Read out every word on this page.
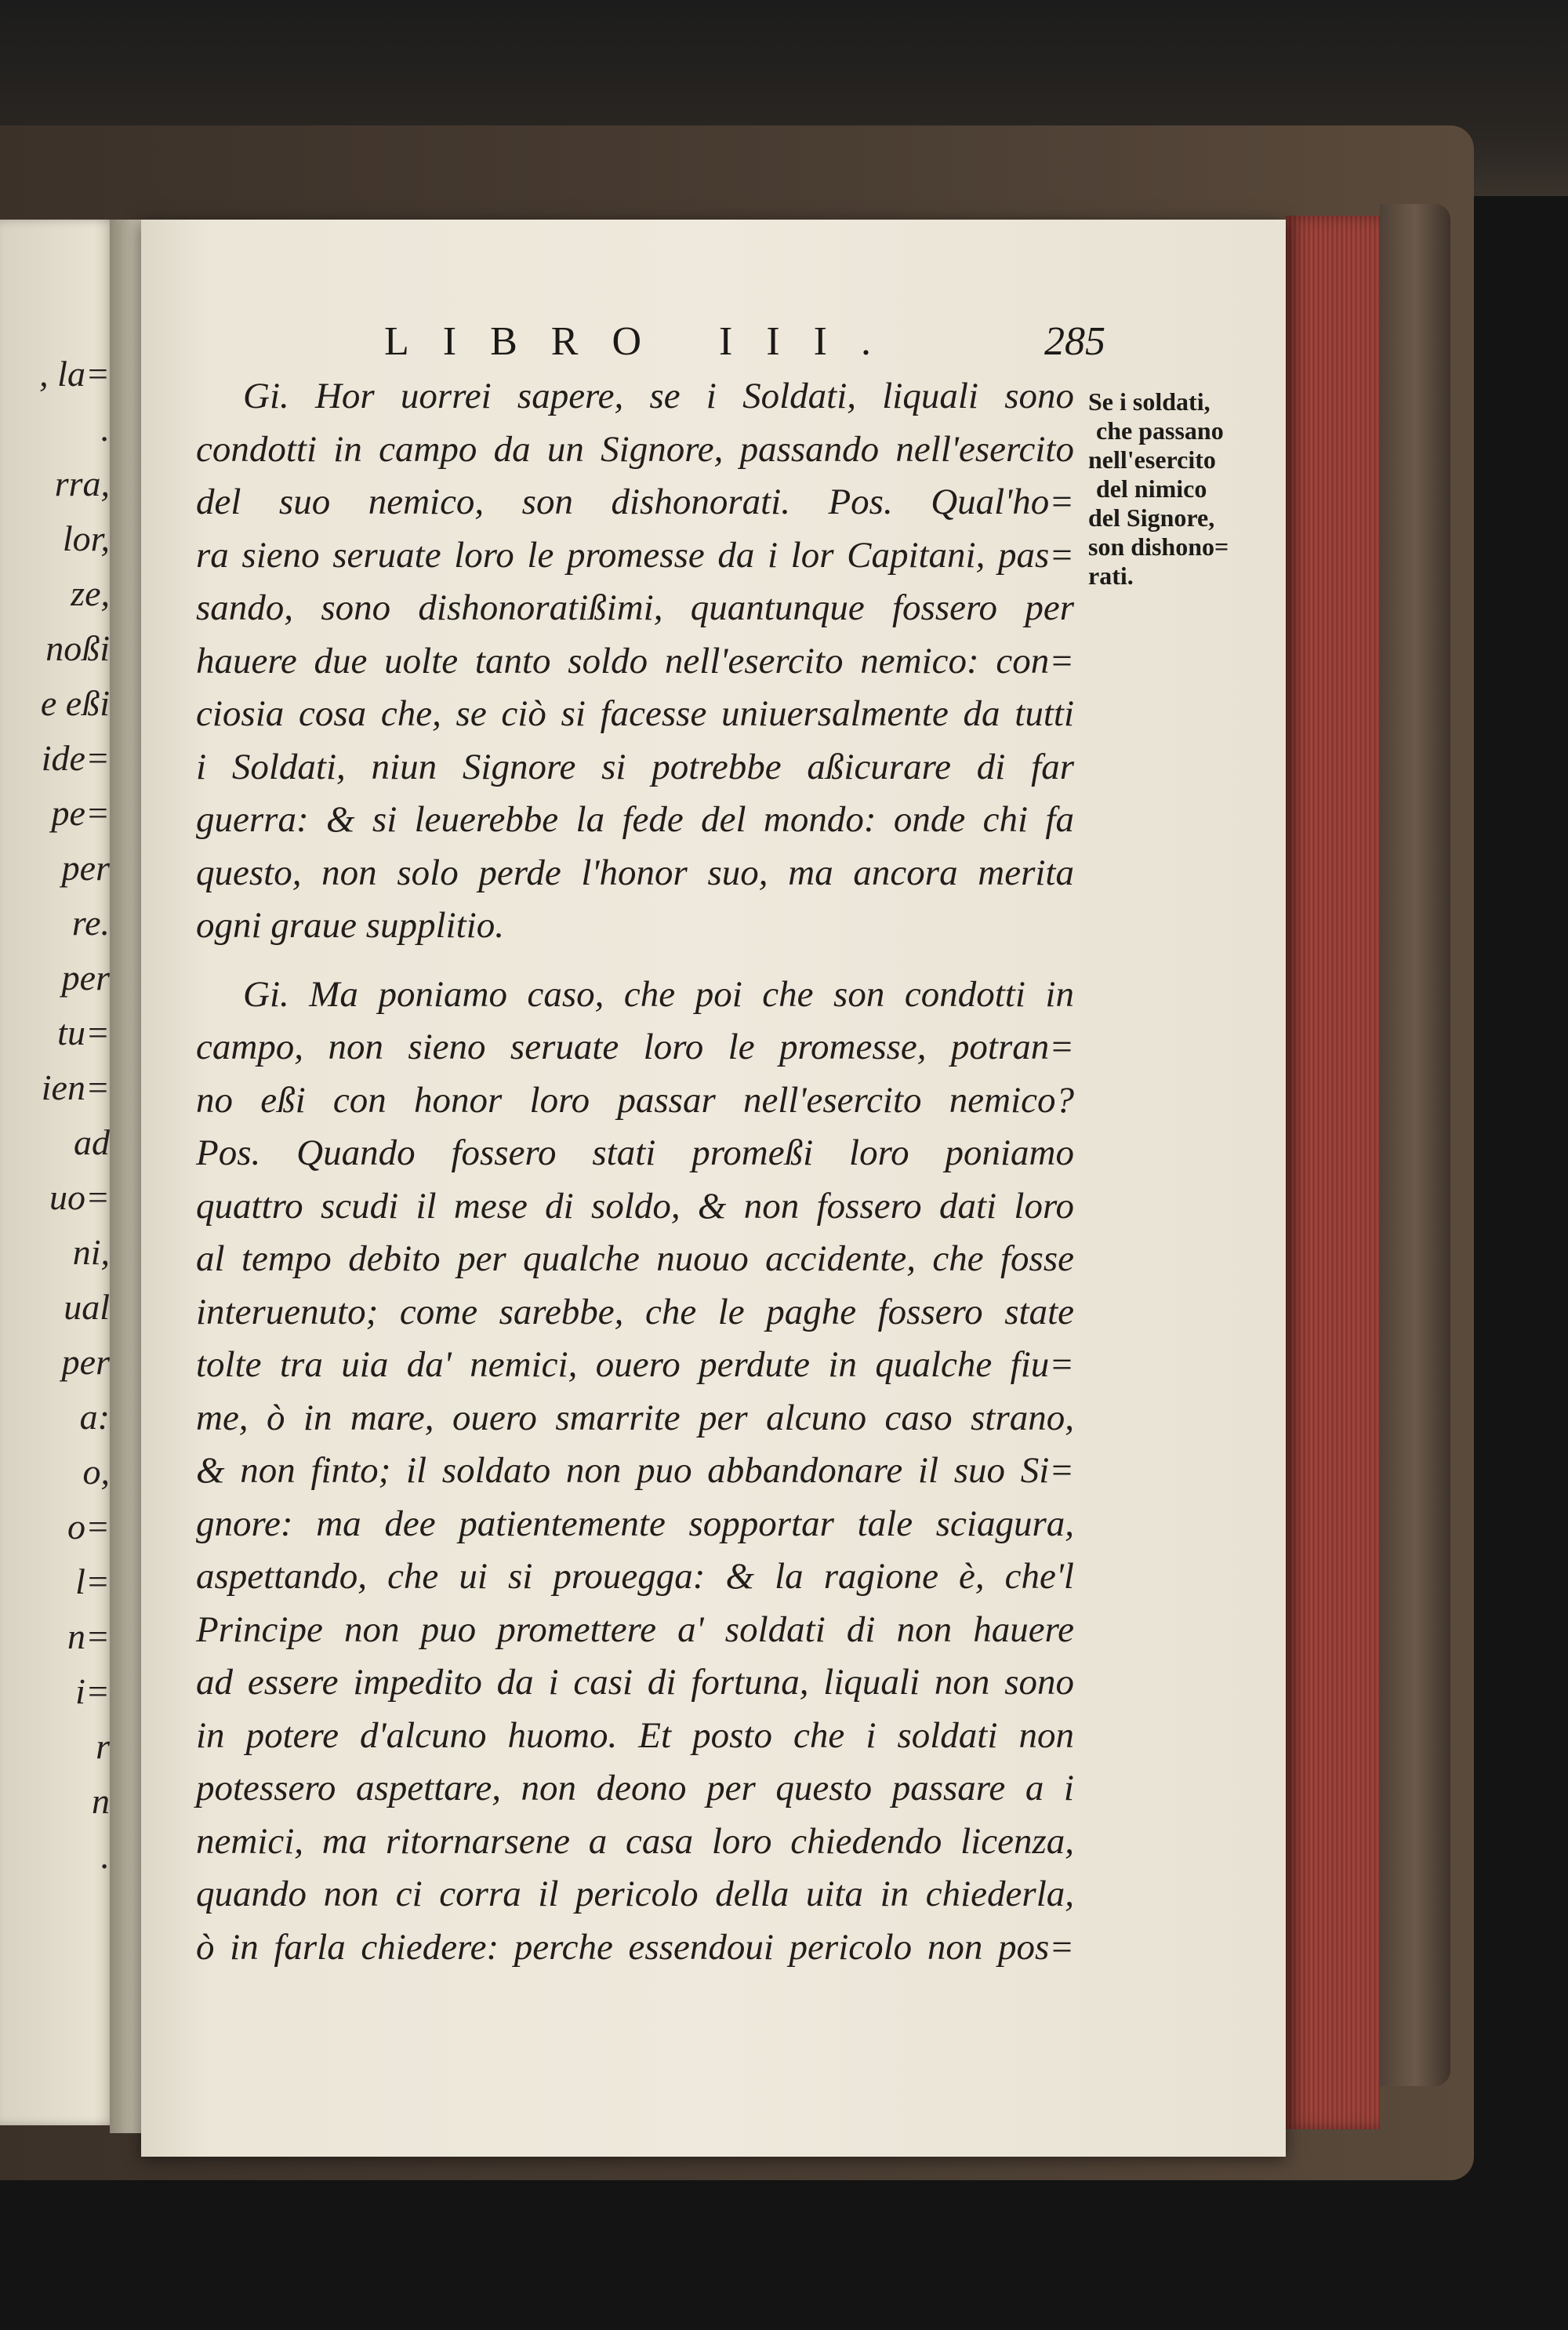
, la=
.
rra,
lor,
ze,
noßi
e eßi
ide=
pe=
per
re.
per
tu=
ien=
ad
uo=
ni,
ual
per
a:
o,
o=
l=
n=
i=
r
n
.
LIBRO III.	285
Gi. Hor uorrei sapere, se i Soldati, liquali sono
condotti in campo da un Signore, passando nell'esercito
del suo nemico, son dishonorati. Pos. Qual'ho=
ra sieno seruate loro le promesse da i lor Capitani, pas=
sando, sono dishonoratißimi, quantunque fossero per
hauere due uolte tanto soldo nell'esercito nemico: con=
ciosia cosa che, se ciò si facesse uniuersalmente da tutti
i Soldati, niun Signore si potrebbe aßicurare di far
guerra: & si leuerebbe la fede del mondo: onde chi fa
questo, non solo perde l'honor suo, ma ancora merita
ogni graue supplitio.
Gi. Ma poniamo caso, che poi che son condotti in
campo, non sieno seruate loro le promesse, potran=
no eßi con honor loro passar nell'esercito nemico?
Pos. Quando fossero stati promeßi loro poniamo
quattro scudi il mese di soldo, & non fossero dati loro
al tempo debito per qualche nuouo accidente, che fosse
interuenuto; come sarebbe, che le paghe fossero state
tolte tra uia da' nemici, ouero perdute in qualche fiu=
me, ò in mare, ouero smarrite per alcuno caso strano,
& non finto; il soldato non puo abbandonare il suo Si=
gnore: ma dee patientemente sopportar tale sciagura,
aspettando, che ui si prouegga: & la ragione è, che'l
Principe non puo promettere a' soldati di non hauere
ad essere impedito da i casi di fortuna, liquali non sono
in potere d'alcuno huomo. Et posto che i soldati non
potessero aspettare, non deono per questo passare a i
nemici, ma ritornarsene a casa loro chiedendo licenza,
quando non ci corra il pericolo della uita in chiederla,
ò in farla chiedere: perche essendoui pericolo non pos=
Se i soldati,
che passano
nell'esercito
del nimico
del Signore,
son dishono=
rati.
